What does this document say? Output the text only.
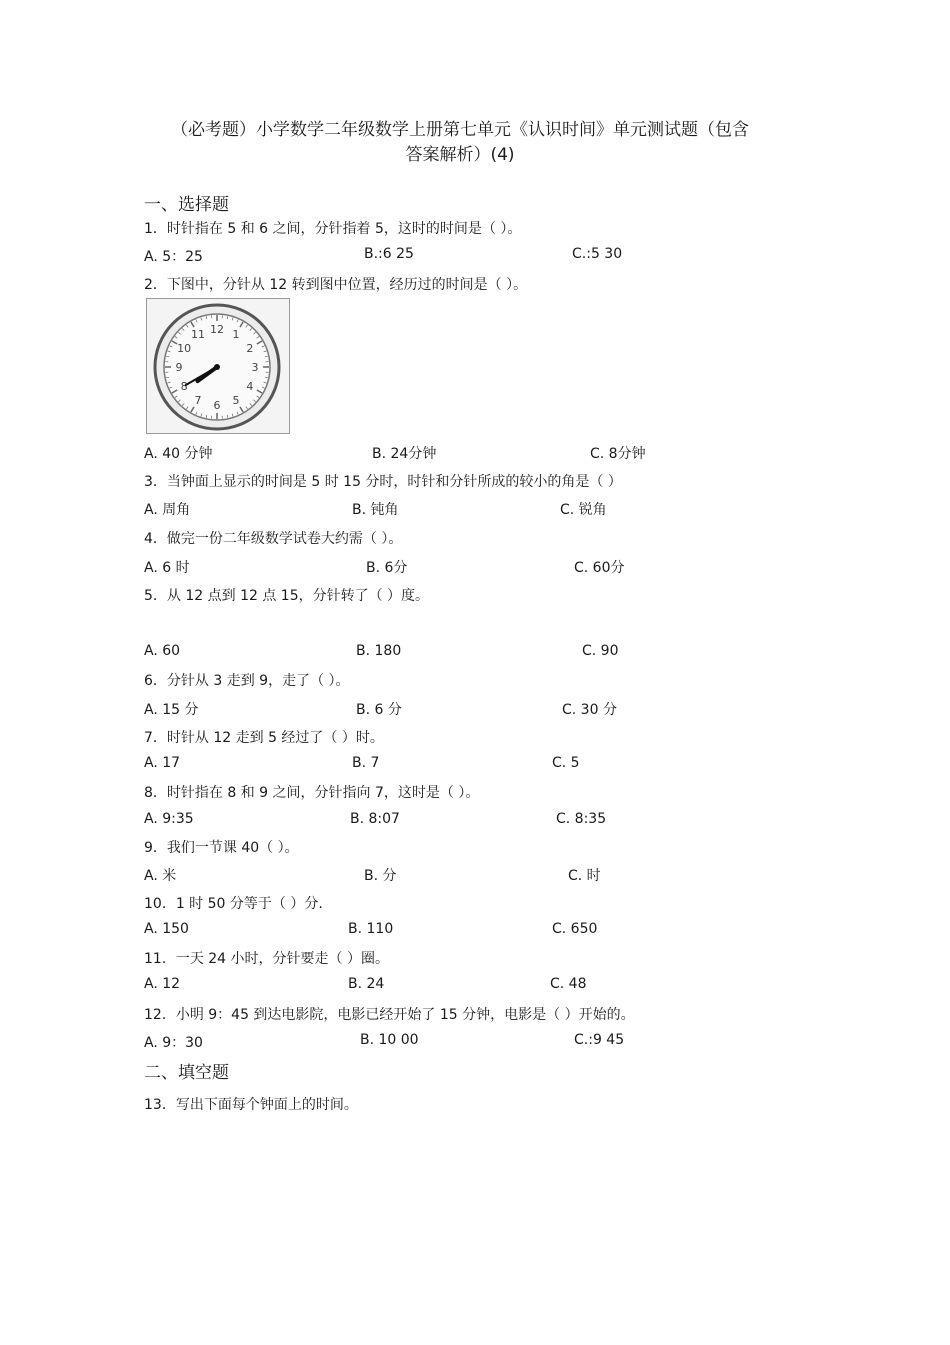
（必考题）小学数学二年级数学上册第七单元《认识时间》单元测试题（包含
答案解析）(4)
一、选择题
1．时针指在 5 和 6 之间，分针指着 5，这时的时间是（ ）。
A. 5：25	B.:6 25	C.:5 30
2．下图中，分针从 12 转到图中位置，经历过的时间是（ ）。
12 1
2
3
4
5
6
7
8
9
10
11
A. 40 分钟	B. 24分钟	C. 8分钟
3．当钟面上显示的时间是 5 时 15 分时，时针和分针所成的较小的角是（ ）
A. 周角	B. 钝角	C. 锐角
4．做完一份二年级数学试卷大约需（ ）。
A. 6 时	B. 6分	C. 60分
5．从 12 点到 12 点 15，分针转了（ ）度。
A. 60	B. 180	C. 90
6．分针从 3 走到 9，走了（ ）。
A. 15 分	B. 6 分	C. 30 分
7．时针从 12 走到 5 经过了（ ）时。
A. 17	B. 7	C. 5
8．时针指在 8 和 9 之间，分针指向 7，这时是（ ）。
A. 9:35	B. 8:07	C. 8:35
9．我们一节课 40（ ）。
A. 米	B. 分	C. 时
10．1 时 50 分等于（ ）分.
A. 150	B. 110	C. 650
11．一天 24 小时，分针要走（ ）圈。
A. 12	B. 24	C. 48
12．小明 9：45 到达电影院，电影已经开始了 15 分钟，电影是（ ）开始的。
A. 9：30	B. 10 00	C.:9 45
二、填空题
13．写出下面每个钟面上的时间。
